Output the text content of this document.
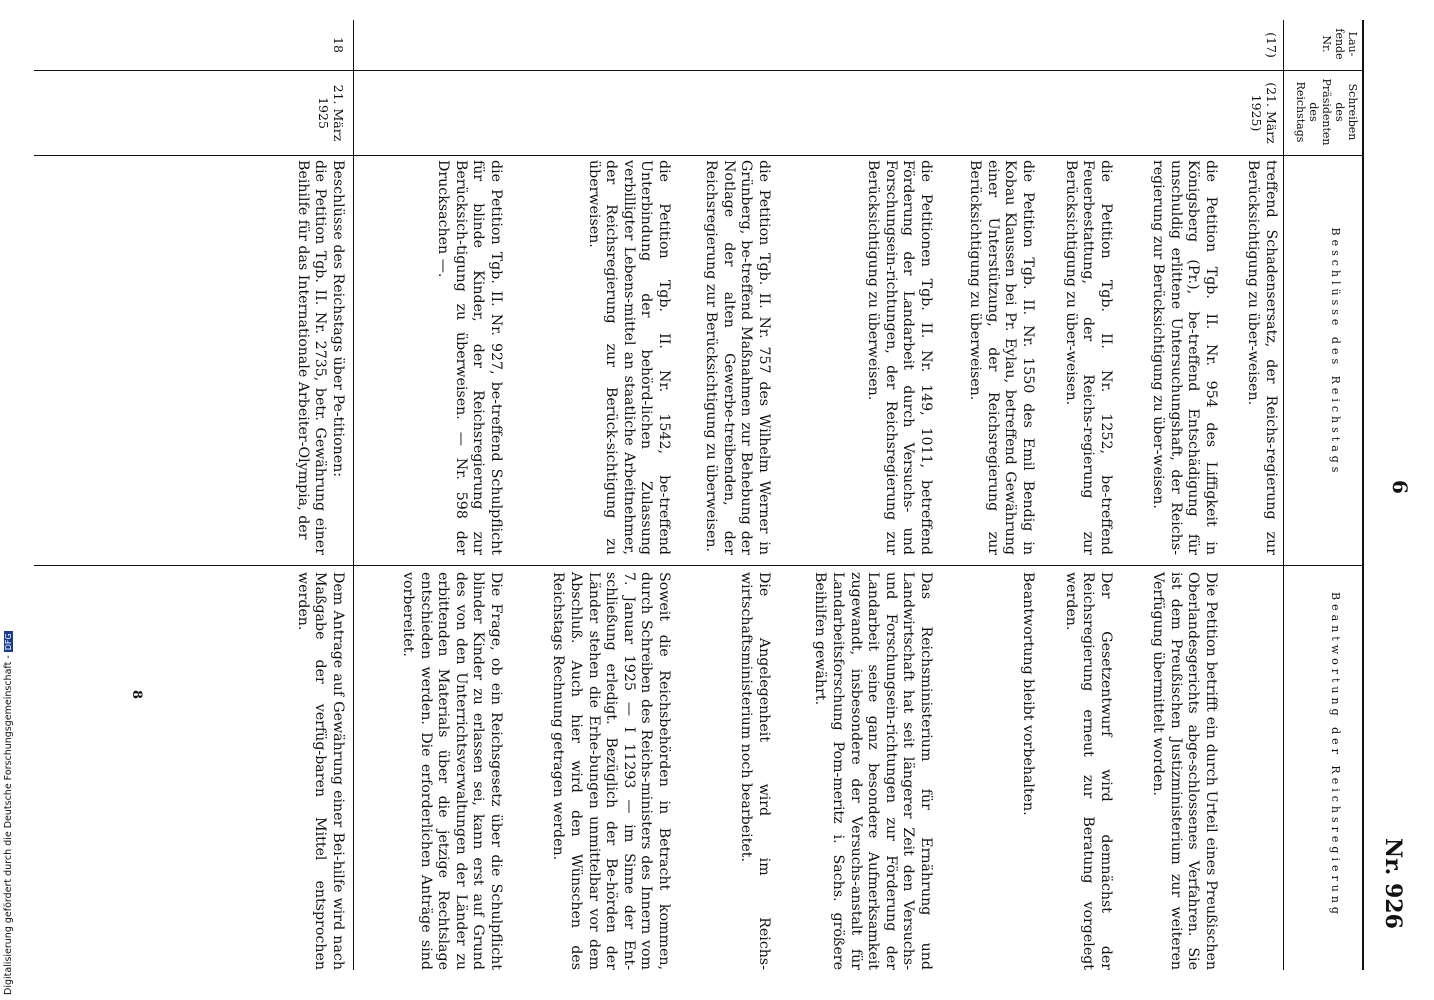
6
Nr. 926
Lau-
fende
Nr.
Schreiben
des
Präsidenten
des
Reichstags
Beschlüsse des Reichstags
Beantwortung der Reichsregierung
(17)
(21. März
1925)
treffend Schadensersatz, der Reichs-regierung zur Berücksichtigung zu über-weisen.
die Petition Tgb. II. Nr. 954 des Liffigkeit in Königsberg (Pr.), be-treffend Entschädigung für unschuldig erlittene Untersuchungshaft, der Reichs-regierung zur Berücksichtigung zu über-weisen.
Die Petition betrifft ein durch Urteil eines Preußischen Oberlandesgerichts abge-schlossenes Verfahren. Sie ist dem Preußischen Justizministerium zur weiteren Verfügung übermittelt worden.
die Petition Tgb. II. Nr. 1252, be-treffend Feuerbestattung, der Reichs-regierung zur Berücksichtigung zu über-weisen.
Der Gesetzentwurf wird demnächst der Reichsregierung erneut zur Beratung vorgelegt werden.
die Petition Tgb. II. Nr. 1550 des Emil Bendig in Kobau Klaussen bei Pr. Eylau, betreffend Gewährung einer Unterstützung, der Reichsregierung zur Berücksichtigung zu überweisen.
Beantwortung bleibt vorbehalten.
die Petitionen Tgb. II. Nr. 149, 1011, betreffend Förderung der Landarbeit durch Versuchs- und Forschungsein-richtungen, der Reichsregierung zur Berücksichtigung zu überweisen.
Das Reichsministerium für Ernährung und Landwirtschaft hat seit längerer Zeit den Versuchs- und Forschungsein-richtungen zur Förderung der Landarbeit seine ganz besondere Aufmerksamkeit zugewandt, insbesondere der Versuchs-anstalt für Landarbeitsforschung Pom-meritz i. Sachs. größere Beihilfen gewährt.
die Petition Tgb. II. Nr. 757 des Wilhelm Werner in Grünberg, be-treffend Maßnahmen zur Behebung der Notlage der alten Gewerbe-treibenden, der Reichsregierung zur Berücksichtigung zu überweisen.
Die Angelegenheit wird im Reichs-wirtschaftsministerium noch bearbeitet.
die Petition Tgb. II. Nr. 1542, be-treffend Unterbindung der behörd-lichen Zulassung verbilligter Lebens-mittel an staatliche Arbeitnehmer, der Reichsregierung zur Berück-sichtigung zu überweisen.
Soweit die Reichsbehörden in Betracht kommen, durch Schreiben des Reichs-ministers des Innern vom 7. Januar 1925 — I 11293 — im Sinne der Ent-schließung erledigt. Bezüglich der Be-hörden der Länder stehen die Erhe-bungen unmittelbar vor dem Abschluß. Auch hier wird den Wünschen des Reichstags Rechnung getragen werden.
die Petition Tgb. II. Nr. 927, be-treffend Schulpflicht für blinde Kinder, der Reichsregierung zur Berücksich-tigung zu überweisen. — Nr. 598 der Drucksachen —.
Die Frage, ob ein Reichsgesetz über die Schulpflicht blinder Kinder zu erlassen sei, kann erst auf Grund des von den Unterrichtsverwaltungen der Länder zu erbittenden Materials über die jetzige Rechtslage entschieden werden. Die erforderlichen Anträge sind vorbereitet.
18
21. März
1925
Beschlüsse des Reichstags über Pe-titionen:
die Petition Tgb. II. Nr. 2735, betr. Gewährung einer Beihilfe für das Internationale Arbeiter-Olympia, der
Dem Antrage auf Gewährung einer Bei-hilfe wird nach Maßgabe der verfüg-baren Mittel entsprochen werden.
8
Digitalisierung gefördert durch die Deutsche Forschungsgemeinschaft -DFG
